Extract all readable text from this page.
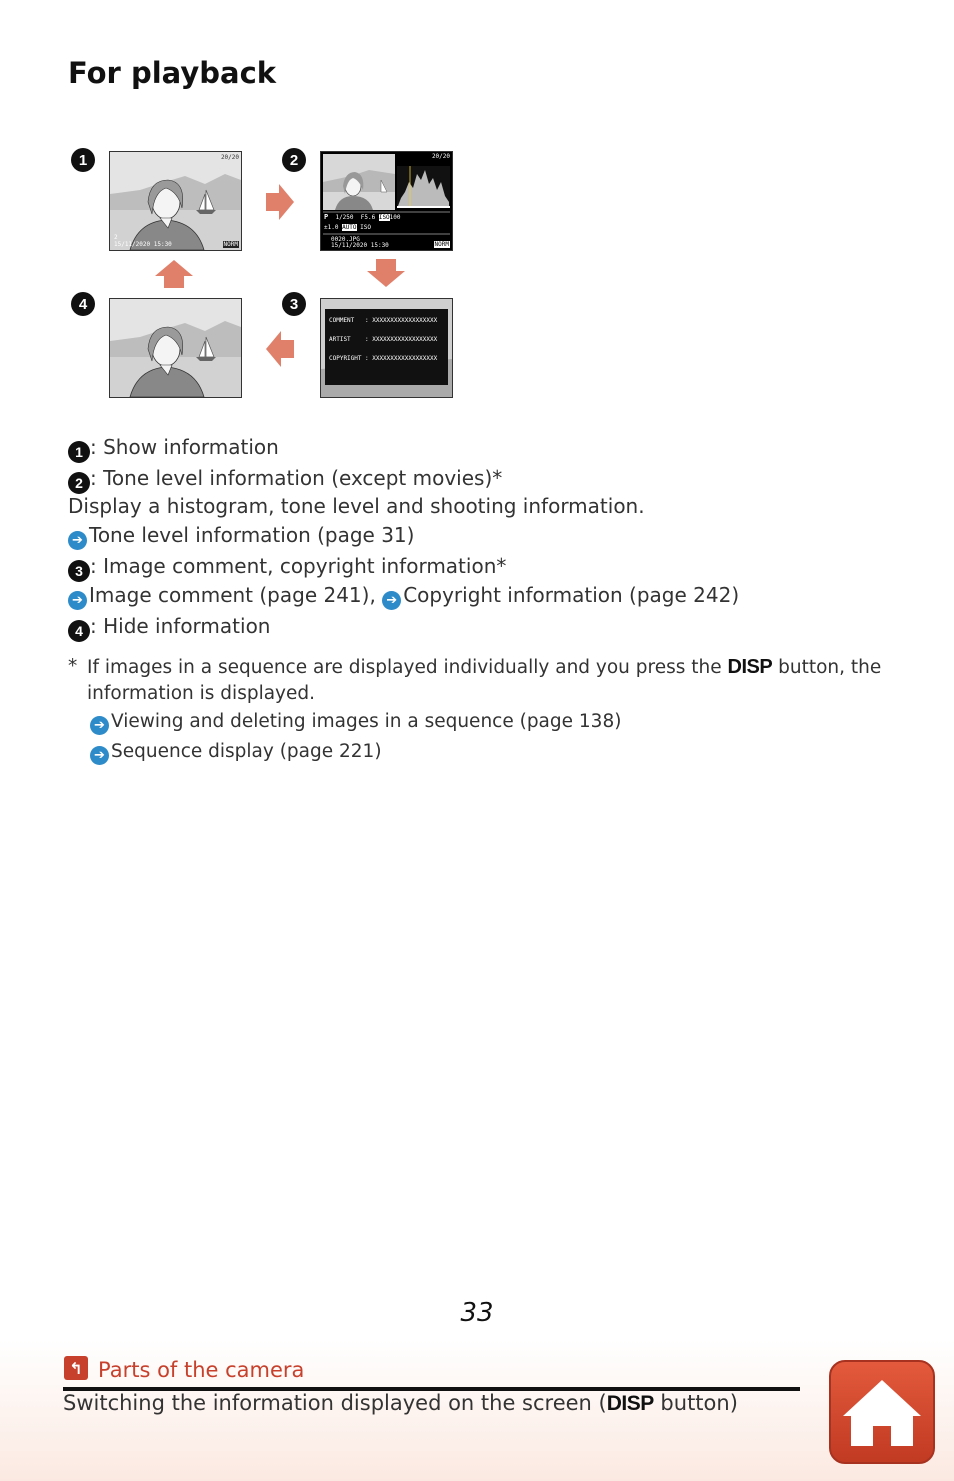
For playback
1	2
3
4
20/20
2
15/11/2020 15:30	NORM
20/20
P 1/250 F5.6 ISO100
±1.0 AUTO ISO
0020.JPG
15/11/2020 15:30	NORM
COMMENT : XXXXXXXXXXXXXXXXXX
ARTIST : XXXXXXXXXXXXXXXXXX
COPYRIGHT : XXXXXXXXXXXXXXXXXX
1 : Show information
2 : Tone level information (except movies)*
Display a histogram, tone level and shooting information.
➔ Tone level information (page 31)
3 : Image comment, copyright information*
➔ Image comment (page 241), ➔ Copyright information (page 242)
4 : Hide information
* If images in a sequence are displayed individually and you press the DISP button, the
information is displayed.
➔ Viewing and deleting images in a sequence (page 138)
➔ Sequence display (page 221)
33
↰ Parts of the camera
Switching the information displayed on the screen (DISP button)
